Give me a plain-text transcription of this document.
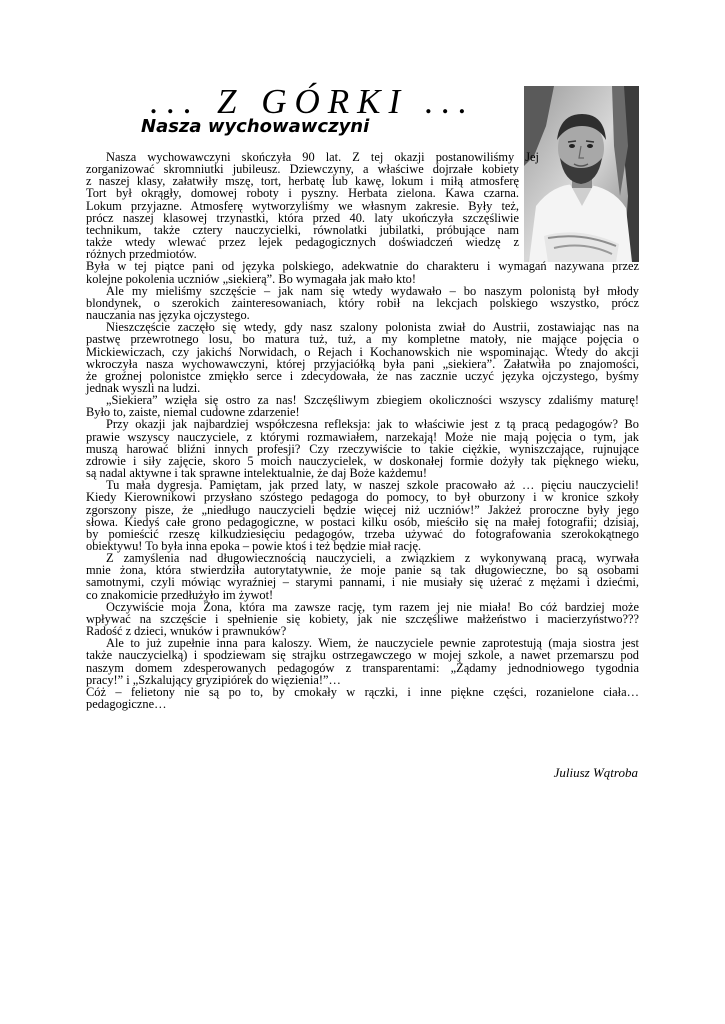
... Z GÓRKI ...
Nasza wychowawczyni
Nasza wychowawczyni skończyła 90 lat. Z tej okazji postanowiliśmy Jej
zorganizować skromniutki jubileusz. Dziewczyny, a właściwe dojrzałe kobiety
z naszej klasy, załatwiły mszę, tort, herbatę lub kawę, lokum i miłą atmosferę
Tort był okrągły, domowej roboty i pyszny. Herbata zielona. Kawa czarna.
Lokum przyjazne. Atmosferę wytworzyliśmy we własnym zakresie. Były też,
prócz naszej klasowej trzynastki, która przed 40. laty ukończyła szczęśliwie
technikum, także cztery nauczycielki, równolatki jubilatki, próbujące nam
także wtedy wlewać przez lejek pedagogicznych doświadczeń wiedzę z
różnych przedmiotów.
Była w tej piątce pani od języka polskiego, adekwatnie do charakteru i wymagań nazywana przez
kolejne pokolenia uczniów „siekierą”. Bo wymagała jak mało kto!
Ale my mieliśmy szczęście – jak nam się wtedy wydawało – bo naszym polonistą był młody
blondynek, o szerokich zainteresowaniach, który robił na lekcjach polskiego wszystko, prócz
nauczania nas języka ojczystego.
Nieszczęście zaczęło się wtedy, gdy nasz szalony polonista zwiał do Austrii, zostawiając nas na
pastwę przewrotnego losu, bo matura tuż, tuż, a my kompletne matoły, nie mające pojęcia o
Mickiewiczach, czy jakichś Norwidach, o Rejach i Kochanowskich nie wspominając. Wtedy do akcji
wkroczyła nasza wychowawczyni, której przyjaciółką była pani „siekiera”. Załatwiła po znajomości,
że groźnej polonistce zmiękło serce i zdecydowała, że nas zacznie uczyć języka ojczystego, byśmy
jednak wyszli na ludzi.
„Siekiera” wzięła się ostro za nas! Szczęśliwym zbiegiem okoliczności wszyscy zdaliśmy maturę!
Było to, zaiste, niemal cudowne zdarzenie!
Przy okazji jak najbardziej współczesna refleksja: jak to właściwie jest z tą pracą pedagogów? Bo
prawie wszyscy nauczyciele, z którymi rozmawiałem, narzekają! Może nie mają pojęcia o tym, jak
muszą harować bliźni innych profesji? Czy rzeczywiście to takie ciężkie, wyniszczające, rujnujące
zdrowie i siły zajęcie, skoro 5 moich nauczycielek, w doskonałej formie dożyły tak pięknego wieku,
są nadal aktywne i tak sprawne intelektualnie, że daj Boże każdemu!
Tu mała dygresja. Pamiętam, jak przed laty, w naszej szkole pracowało aż … pięciu nauczycieli!
Kiedy Kierownikowi przysłano szóstego pedagoga do pomocy, to był oburzony i w kronice szkoły
zgorszony pisze, że „niedługo nauczycieli będzie więcej niż uczniów!” Jakżeż proroczne były jego
słowa. Kiedyś całe grono pedagogiczne, w postaci kilku osób, mieściło się na małej fotografii; dzisiaj,
by pomieścić rzeszę kilkudziesięciu pedagogów, trzeba używać do fotografowania szerokokątnego
obiektywu! To była inna epoka – powie ktoś i też będzie miał rację.
Z zamyślenia nad długowiecznością nauczycieli, a związkiem z wykonywaną pracą, wyrwała
mnie żona, która stwierdziła autorytatywnie, że moje panie są tak długowieczne, bo są osobami
samotnymi, czyli mówiąc wyraźniej – starymi pannami, i nie musiały się użerać z mężami i dziećmi,
co znakomicie przedłużyło im żywot!
Oczywiście moja Żona, która ma zawsze rację, tym razem jej nie miała! Bo cóż bardziej może
wpływać na szczęście i spełnienie się kobiety, jak nie szczęśliwe małżeństwo i macierzyństwo???
Radość z dzieci, wnuków i prawnuków?
Ale to już zupełnie inna para kaloszy. Wiem, że nauczyciele pewnie zaprotestują (maja siostra jest
także nauczycielką) i spodziewam się strajku ostrzegawczego w mojej szkole, a nawet przemarszu pod
naszym domem zdesperowanych pedagogów z transparentami: „Żądamy jednodniowego tygodnia
pracy!” i „Szkalujący gryzipiórek do więzienia!”…
Cóż – felietony nie są po to, by cmokały w rączki, i inne piękne części, rozanielone ciała…
pedagogiczne…
Juliusz Wątroba
